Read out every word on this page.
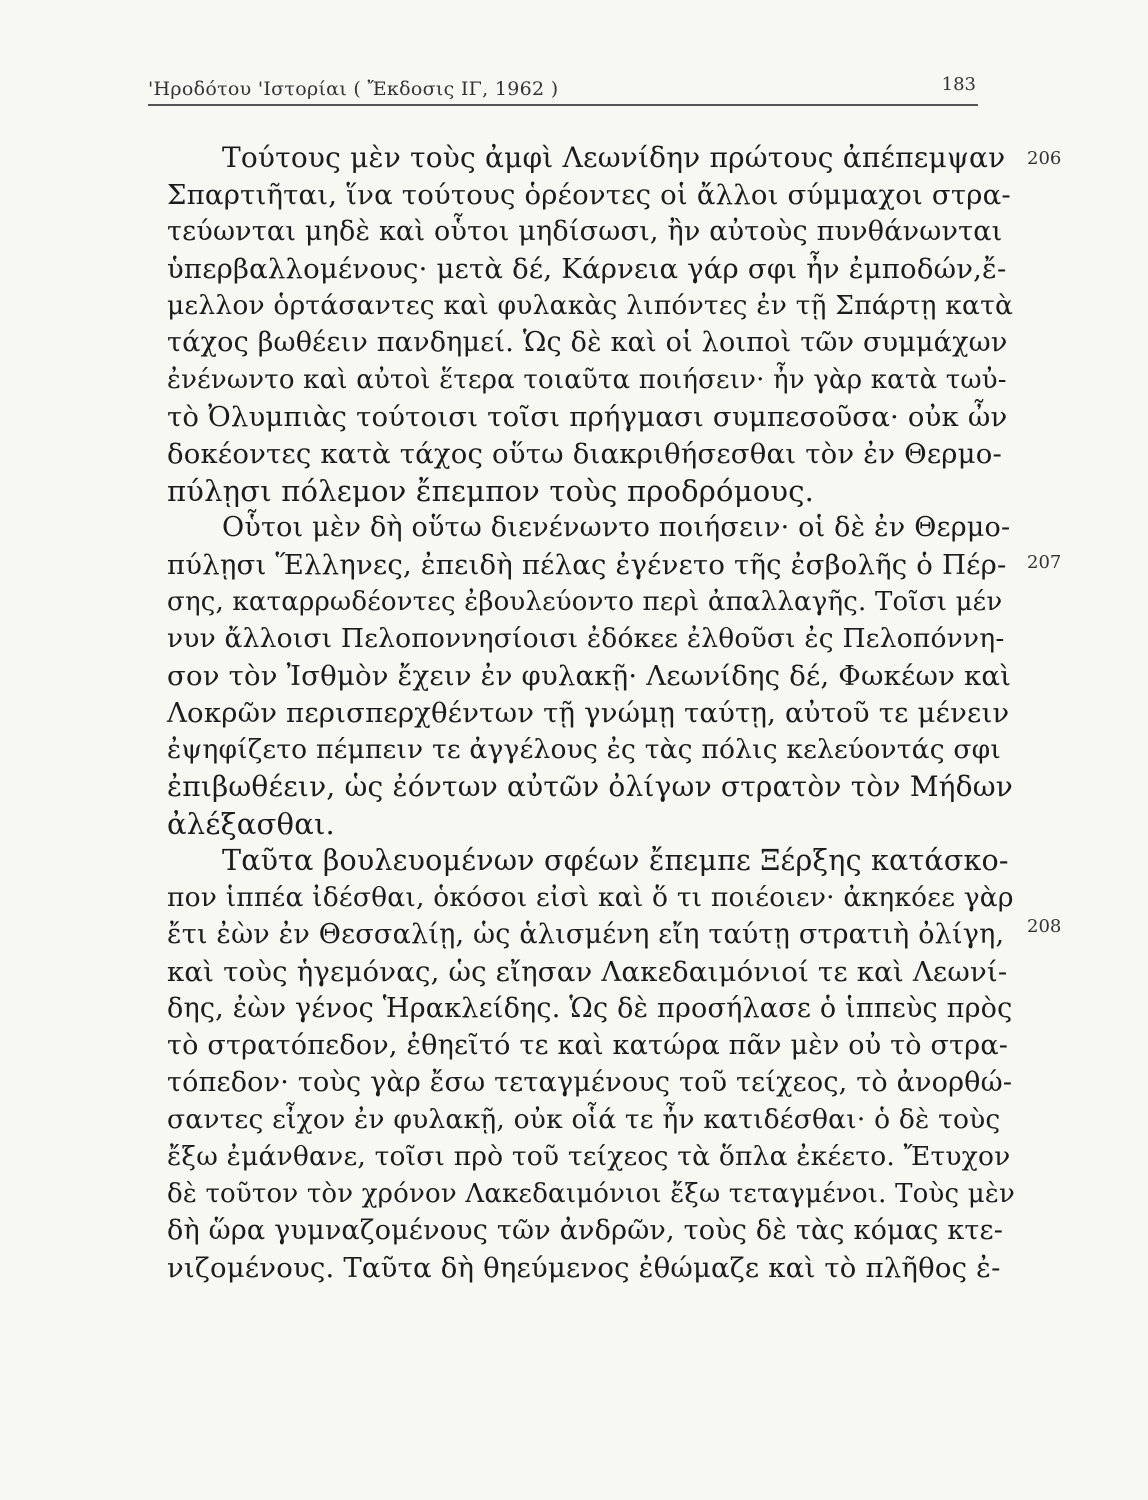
'Ηροδότου 'Ιστορίαι ( Ἔκδοσις ΙΓ, 1962 )	183
Τούτους μὲν τοὺς ἀμφὶ Λεωνίδην πρώτους ἀπέπεμψαν
Σπαρτιῆται, ἵνα τούτους ὁρέοντες οἱ ἄλλοι σύμμαχοι στρα-
τεύωνται μηδὲ καὶ οὗτοι μηδίσωσι, ἢν αὐτοὺς πυνθάνωνται
ὑπερβαλλομένους· μετὰ δέ, Κάρνεια γάρ σφι ἦν ἐμποδών,ἔ-
μελλον ὁρτάσαντες καὶ φυλακὰς λιπόντες ἐν τῇ Σπάρτῃ κατὰ
τάχος βωθέειν πανδημεί. Ὡς δὲ καὶ οἱ λοιποὶ τῶν συμμάχων
ἐνένωντο καὶ αὐτοὶ ἕτερα τοιαῦτα ποιήσειν· ἦν γὰρ κατὰ τωὐ-
τὸ Ὀλυμπιὰς τούτοισι τοῖσι πρήγμασι συμπεσοῦσα· οὐκ ὦν
δοκέοντες κατὰ τάχος οὕτω διακριθήσεσθαι τὸν ἐν Θερμο-
πύλῃσι πόλεμον ἔπεμπον τοὺς προδρόμους.
Οὗτοι μὲν δὴ οὕτω διενένωντο ποιήσειν· οἱ δὲ ἐν Θερμο-
πύλῃσι Ἕλληνες, ἐπειδὴ πέλας ἐγένετο τῆς ἐσβολῆς ὁ Πέρ-
σης, καταρρωδέοντες ἐβουλεύοντο περὶ ἀπαλλαγῆς. Τοῖσι μέν
νυν ἄλλοισι Πελοποννησίοισι ἐδόκεε ἐλθοῦσι ἐς Πελοπόννη-
σον τὸν Ἰσθμὸν ἔχειν ἐν φυλακῇ· Λεωνίδης δέ, Φωκέων καὶ
Λοκρῶν περισπερχθέντων τῇ γνώμῃ ταύτῃ, αὐτοῦ τε μένειν
ἐψηφίζετο πέμπειν τε ἀγγέλους ἐς τὰς πόλις κελεύοντάς σφι
ἐπιβωθέειν, ὡς ἐόντων αὐτῶν ὀλίγων στρατὸν τὸν Μήδων
ἀλέξασθαι.
Ταῦτα βουλευομένων σφέων ἔπεμπε Ξέρξης κατάσκο-
πον ἱππέα ἰδέσθαι, ὁκόσοι εἰσὶ καὶ ὅ τι ποιέοιεν· ἀκηκόεε γὰρ
ἔτι ἐὼν ἐν Θεσσαλίῃ, ὡς ἁλισμένη εἴη ταύτῃ στρατιὴ ὀλίγη,
καὶ τοὺς ἡγεμόνας, ὡς εἴησαν Λακεδαιμόνιοί τε καὶ Λεωνί-
δης, ἐὼν γένος Ἡρακλείδης. Ὡς δὲ προσήλασε ὁ ἱππεὺς πρὸς
τὸ στρατόπεδον, ἐθηεῖτό τε καὶ κατώρα πᾶν μὲν οὐ τὸ στρα-
τόπεδον· τοὺς γὰρ ἔσω τεταγμένους τοῦ τείχεος, τὸ ἀνορθώ-
σαντες εἶχον ἐν φυλακῇ, οὐκ οἷά τε ἦν κατιδέσθαι· ὁ δὲ τοὺς
ἔξω ἐμάνθανε, τοῖσι πρὸ τοῦ τείχεος τὰ ὅπλα ἐκέετο. Ἔτυχον
δὲ τοῦτον τὸν χρόνον Λακεδαιμόνιοι ἔξω τεταγμένοι. Τοὺς μὲν
δὴ ὥρα γυμναζομένους τῶν ἀνδρῶν, τοὺς δὲ τὰς κόμας κτε-
νιζομένους. Ταῦτα δὴ θηεύμενος ἐθώμαζε καὶ τὸ πλῆθος ἐ-
206
207
208
